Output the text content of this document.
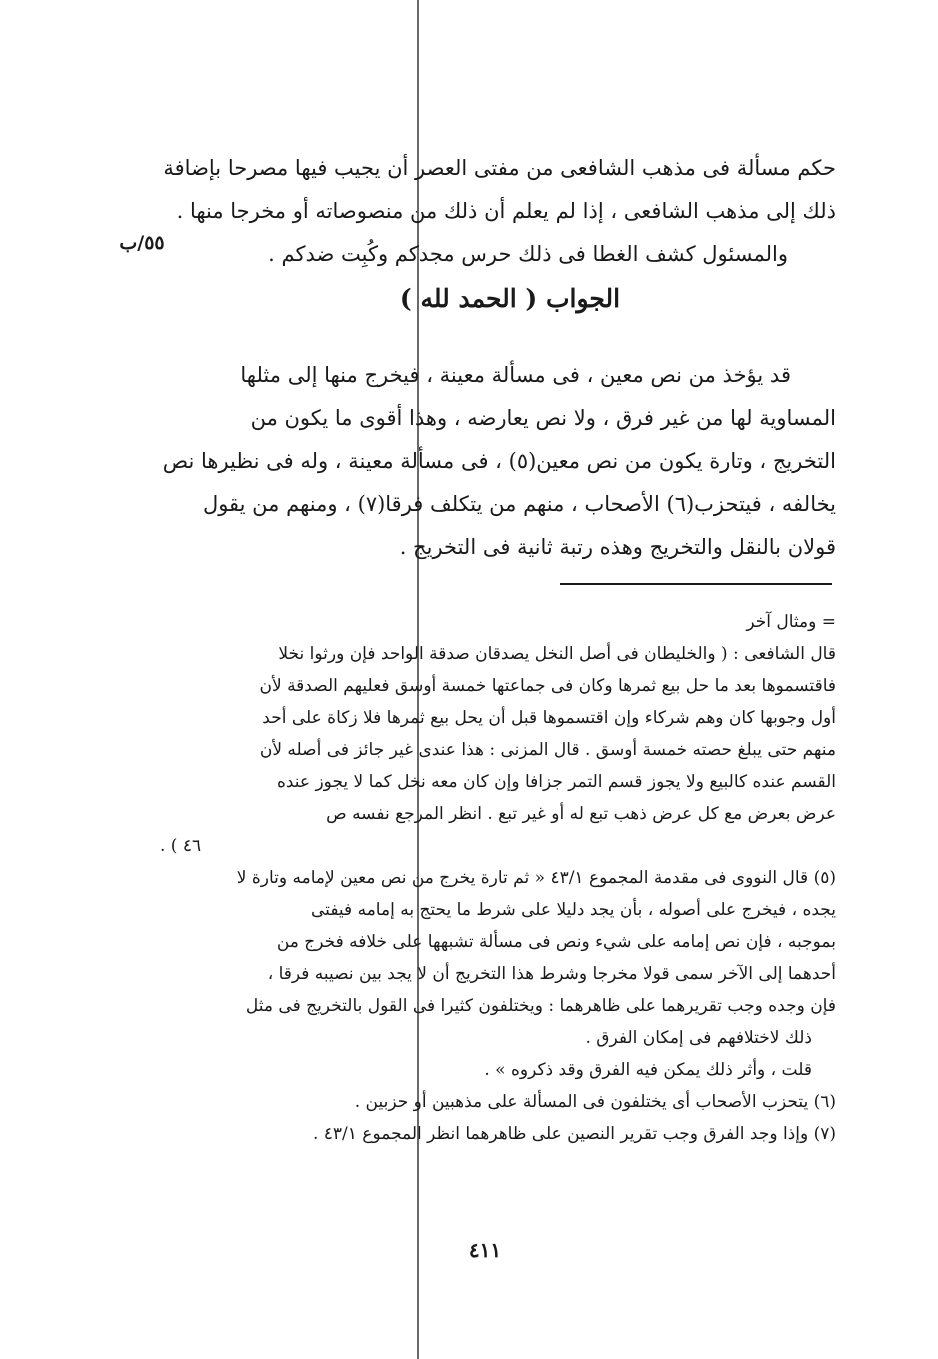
حكم مسألة فى مذهب الشافعى من مفتى العصر أن يجيب فيها مصرحا بإضافة
ذلك إلى مذهب الشافعى ، إذا لم يعلم أن ذلك من منصوصاته أو مخرجا منها .
والمسئول كشف الغطا فى ذلك حرس مجدكم وكُبِت ضدكم .
٥٥/ب
الجواب ( الحمد لله )
قد يؤخذ من نص معين ، فى مسألة معينة ، فيخرج منها إلى مثلها
المساوية لها من غير فرق ، ولا نص يعارضه ، وهذا أقوى ما يكون من
التخريج ، وتارة يكون من نص معين(٥) ، فى مسألة معينة ، وله فى نظيرها نص
يخالفه ، فيتحزب(٦) الأصحاب ، منهم من يتكلف فرقا(٧) ، ومنهم من يقول
قولان بالنقل والتخريج وهذه رتبة ثانية فى التخريج .
= ومثال آخر
قال الشافعى : ( والخليطان فى أصل النخل يصدقان صدقة الواحد فإن ورثوا نخلا
فاقتسموها بعد ما حل بيع ثمرها وكان فى جماعتها خمسة أوسق فعليهم الصدقة لأن
أول وجوبها كان وهم شركاء وإن اقتسموها قبل أن يحل بيع ثمرها فلا زكاة على أحد
منهم حتى يبلغ حصته خمسة أوسق . قال المزنى : هذا عندى غير جائز فى أصله لأن
القسم عنده كالبيع ولا يجوز قسم التمر جزافا وإن كان معه نخل كما لا يجوز عنده
عرض بعرض مع كل عرض ذهب تبع له أو غير تبع . انظر المرجع نفسه ص
٤٦ ) .
(٥) قال النووى فى مقدمة المجموع ٤٣/١ « ثم تارة يخرج من نص معين لإمامه وتارة لا
يجده ، فيخرج على أصوله ، بأن يجد دليلا على شرط ما يحتج به إمامه فيفتى
بموجبه ، فإن نص إمامه على شيء ونص فى مسألة تشبهها على خلافه فخرج من
أحدهما إلى الآخر سمى قولا مخرجا وشرط هذا التخريج أن لا يجد بين نصيبه فرقا ،
فإن وجده وجب تقريرهما على ظاهرهما : ويختلفون كثيرا فى القول بالتخريج فى مثل
ذلك لاختلافهم فى إمكان الفرق .
قلت ، وأثر ذلك يمكن فيه الفرق وقد ذكروه » .
(٦) يتحزب الأصحاب أى يختلفون فى المسألة على مذهبين أو حزبين .
(٧) وإذا وجد الفرق وجب تقرير النصين على ظاهرهما انظر المجموع ٤٣/١ .
٤١١
